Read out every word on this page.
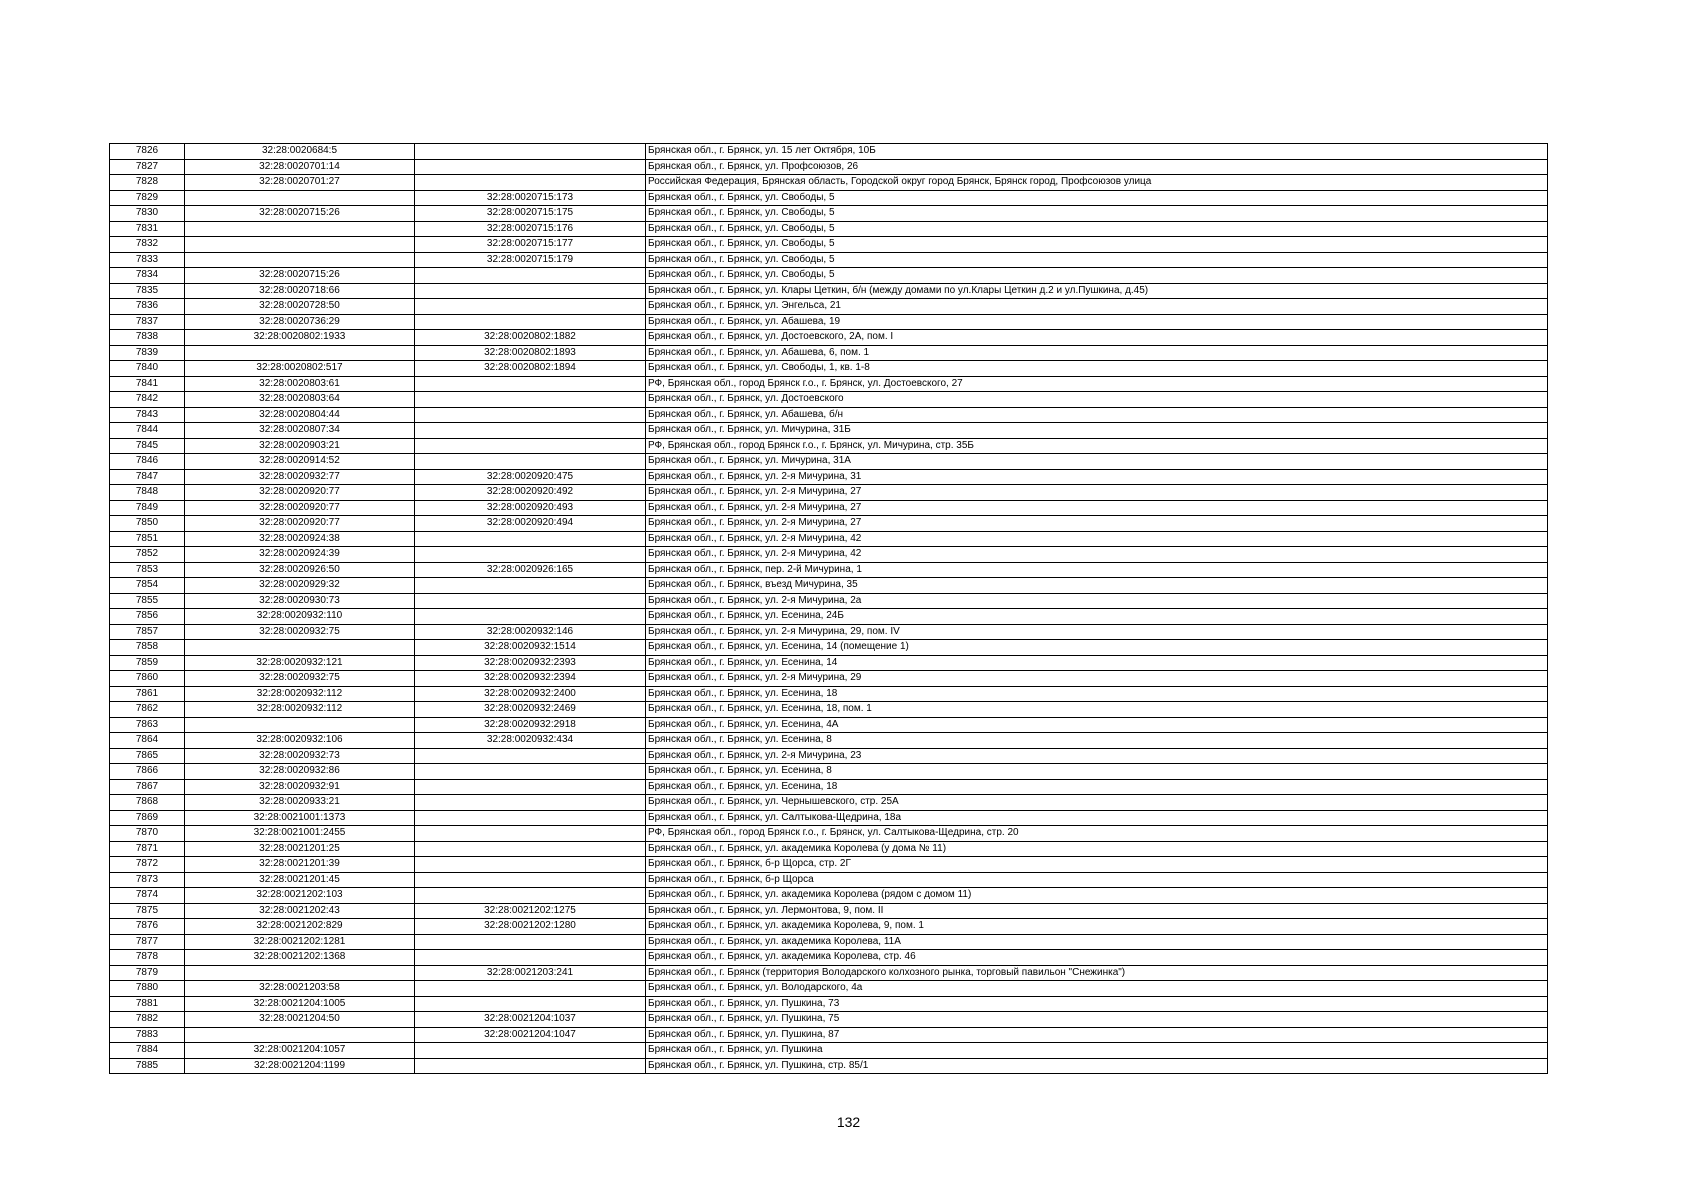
7826	32:28:0020684:5		Брянская обл., г. Брянск, ул. 15 лет Октября, 10Б
7827	32:28:0020701:14		Брянская обл., г. Брянск, ул. Профсоюзов, 26
7828	32:28:0020701:27		Российская Федерация, Брянская область, Городской округ город Брянск, Брянск город, Профсоюзов улица
7829		32:28:0020715:173	Брянская обл., г. Брянск, ул. Свободы, 5
7830	32:28:0020715:26	32:28:0020715:175	Брянская обл., г. Брянск, ул. Свободы, 5
7831		32:28:0020715:176	Брянская обл., г. Брянск, ул. Свободы, 5
7832		32:28:0020715:177	Брянская обл., г. Брянск, ул. Свободы, 5
7833		32:28:0020715:179	Брянская обл., г. Брянск, ул. Свободы, 5
7834	32:28:0020715:26		Брянская обл., г. Брянск, ул. Свободы, 5
7835	32:28:0020718:66		Брянская обл., г. Брянск, ул. Клары Цеткин, б/н (между домами по ул.Клары Цеткин д.2 и ул.Пушкина, д.45)
7836	32:28:0020728:50		Брянская обл., г. Брянск, ул. Энгельса, 21
7837	32:28:0020736:29		Брянская обл., г. Брянск, ул. Абашева, 19
7838	32:28:0020802:1933	32:28:0020802:1882	Брянская обл., г. Брянск, ул. Достоевского, 2А, пом. I
7839		32:28:0020802:1893	Брянская обл., г. Брянск, ул. Абашева, 6, пом. 1
7840	32:28:0020802:517	32:28:0020802:1894	Брянская обл., г. Брянск, ул. Свободы, 1, кв. 1-8
7841	32:28:0020803:61		РФ, Брянская обл., город Брянск г.о., г. Брянск, ул. Достоевского, 27
7842	32:28:0020803:64		Брянская обл., г. Брянск, ул. Достоевского
7843	32:28:0020804:44		Брянская обл., г. Брянск, ул. Абашева, б/н
7844	32:28:0020807:34		Брянская обл., г. Брянск, ул. Мичурина, 31Б
7845	32:28:0020903:21		РФ, Брянская обл., город Брянск г.о., г. Брянск, ул. Мичурина, стр. 35Б
7846	32:28:0020914:52		Брянская обл., г. Брянск, ул. Мичурина, 31А
7847	32:28:0020932:77	32:28:0020920:475	Брянская обл., г. Брянск, ул. 2-я Мичурина, 31
7848	32:28:0020920:77	32:28:0020920:492	Брянская обл., г. Брянск, ул. 2-я Мичурина, 27
7849	32:28:0020920:77	32:28:0020920:493	Брянская обл., г. Брянск, ул. 2-я Мичурина, 27
7850	32:28:0020920:77	32:28:0020920:494	Брянская обл., г. Брянск, ул. 2-я Мичурина, 27
7851	32:28:0020924:38		Брянская обл., г. Брянск, ул. 2-я Мичурина, 42
7852	32:28:0020924:39		Брянская обл., г. Брянск, ул. 2-я Мичурина, 42
7853	32:28:0020926:50	32:28:0020926:165	Брянская обл., г. Брянск, пер. 2-й Мичурина, 1
7854	32:28:0020929:32		Брянская обл., г. Брянск, въезд Мичурина, 35
7855	32:28:0020930:73		Брянская обл., г. Брянск, ул. 2-я Мичурина, 2а
7856	32:28:0020932:110		Брянская обл., г. Брянск, ул. Есенина, 24Б
7857	32:28:0020932:75	32:28:0020932:146	Брянская обл., г. Брянск, ул. 2-я Мичурина, 29, пом. IV
7858		32:28:0020932:1514	Брянская обл., г. Брянск, ул. Есенина, 14 (помещение 1)
7859	32:28:0020932:121	32:28:0020932:2393	Брянская обл., г. Брянск, ул. Есенина, 14
7860	32:28:0020932:75	32:28:0020932:2394	Брянская обл., г. Брянск, ул. 2-я Мичурина, 29
7861	32:28:0020932:112	32:28:0020932:2400	Брянская обл., г. Брянск, ул. Есенина, 18
7862	32:28:0020932:112	32:28:0020932:2469	Брянская обл., г. Брянск, ул. Есенина, 18, пом. 1
7863		32:28:0020932:2918	Брянская обл., г. Брянск, ул. Есенина, 4А
7864	32:28:0020932:106	32:28:0020932:434	Брянская обл., г. Брянск, ул. Есенина, 8
7865	32:28:0020932:73		Брянская обл., г. Брянск, ул. 2-я Мичурина, 23
7866	32:28:0020932:86		Брянская обл., г. Брянск, ул. Есенина, 8
7867	32:28:0020932:91		Брянская обл., г. Брянск, ул. Есенина, 18
7868	32:28:0020933:21		Брянская обл., г. Брянск, ул. Чернышевского, стр. 25А
7869	32:28:0021001:1373		Брянская обл., г. Брянск, ул. Салтыкова-Щедрина, 18а
7870	32:28:0021001:2455		РФ, Брянская обл., город Брянск г.о., г. Брянск, ул. Салтыкова-Щедрина, стр. 20
7871	32:28:0021201:25		Брянская обл., г. Брянск, ул. академика Королева (у дома № 11)
7872	32:28:0021201:39		Брянская обл., г. Брянск, б-р Щорса, стр. 2Г
7873	32:28:0021201:45		Брянская обл., г. Брянск, б-р Щорса
7874	32:28:0021202:103		Брянская обл., г. Брянск, ул. академика Королева (рядом с домом 11)
7875	32:28:0021202:43	32:28:0021202:1275	Брянская обл., г. Брянск, ул. Лермонтова, 9, пом. II
7876	32:28:0021202:829	32:28:0021202:1280	Брянская обл., г. Брянск, ул. академика Королева, 9, пом. 1
7877	32:28:0021202:1281		Брянская обл., г. Брянск, ул. академика Королева, 11А
7878	32:28:0021202:1368		Брянская обл., г. Брянск, ул. академика Королева, стр. 46
7879		32:28:0021203:241	Брянская обл., г. Брянск (территория Володарского колхозного рынка, торговый павильон "Снежинка")
7880	32:28:0021203:58		Брянская обл., г. Брянск, ул. Володарского, 4а
7881	32:28:0021204:1005		Брянская обл., г. Брянск, ул. Пушкина, 73
7882	32:28:0021204:50	32:28:0021204:1037	Брянская обл., г. Брянск, ул. Пушкина, 75
7883		32:28:0021204:1047	Брянская обл., г. Брянск, ул. Пушкина, 87
7884	32:28:0021204:1057		Брянская обл., г. Брянск, ул. Пушкина
7885	32:28:0021204:1199		Брянская обл., г. Брянск, ул. Пушкина, стр. 85/1
132
